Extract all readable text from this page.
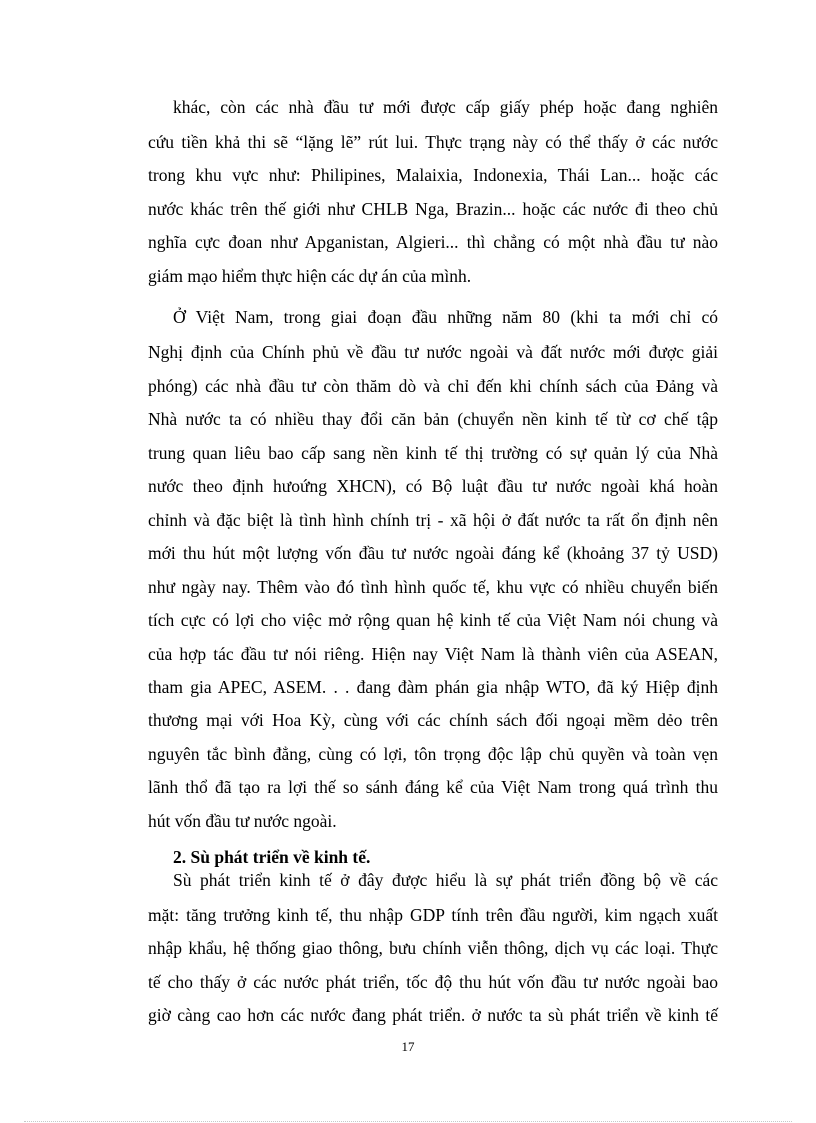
khác, còn các nhà đầu tư mới được cấp giấy phép hoặc đang nghiên
cứu tiền khả thi sẽ “lặng lẽ” rút lui. Thực trạng này có thể thấy ở các nước
trong khu vực như: Philipines, Malaixia, Indonexia, Thái Lan... hoặc các
nước khác trên thế giới như CHLB Nga, Brazin... hoặc các nước đi theo chủ
nghĩa cực đoan như Apganistan, Algieri... thì chẳng có một nhà đầu tư nào
giám mạo hiểm thực hiện các dự án của mình.
Ở Việt Nam, trong giai đoạn đầu những năm 80 (khi ta mới chỉ có
Nghị định của Chính phủ về đầu tư nước ngoài và đất nước mới được giải
phóng) các nhà đầu tư còn thăm dò và chỉ đến khi chính sách của Đảng và
Nhà nước ta có nhiều thay đổi căn bản (chuyển nền kinh tế từ cơ chế tập
trung quan liêu bao cấp sang nền kinh tế thị trường có sự quản lý của Nhà
nước theo định hưoứng XHCN), có Bộ luật đầu tư nước ngoài khá hoàn
chỉnh và đặc biệt là tình hình chính trị - xã hội ở đất nước ta rất ổn định nên
mới thu hút một lượng vốn đầu tư nước ngoài đáng kể (khoảng 37 tỷ USD)
như ngày nay. Thêm vào đó tình hình quốc tế, khu vực có nhiều chuyển biến
tích cực có lợi cho việc mở rộng quan hệ kinh tế của Việt Nam nói chung và
của hợp tác đầu tư nói riêng. Hiện nay Việt Nam là thành viên của ASEAN,
tham gia APEC, ASEM. . . đang đàm phán gia nhập WTO, đã ký Hiệp định
thương mại với Hoa Kỳ, cùng với các chính sách đối ngoại mềm dẻo trên
nguyên tắc bình đẳng, cùng có lợi, tôn trọng độc lập chủ quyền và toàn vẹn
lãnh thổ đã tạo ra lợi thế so sánh đáng kể của Việt Nam trong quá trình thu
hút vốn đầu tư nước ngoài.
2. Sù phát triển về kinh tế.
Sù phát triển kinh tế ở đây được hiểu là sự phát triển đồng bộ về các
mặt: tăng trưởng kinh tế, thu nhập GDP tính trên đầu người, kim ngạch xuất
nhập khẩu, hệ thống giao thông, bưu chính viễn thông, dịch vụ các loại. Thực
tế cho thấy ở các nước phát triển, tốc độ thu hút vốn đầu tư nước ngoài bao
giờ càng cao hơn các nước đang phát triển. ở nước ta sù phát triển về kinh tế
17
